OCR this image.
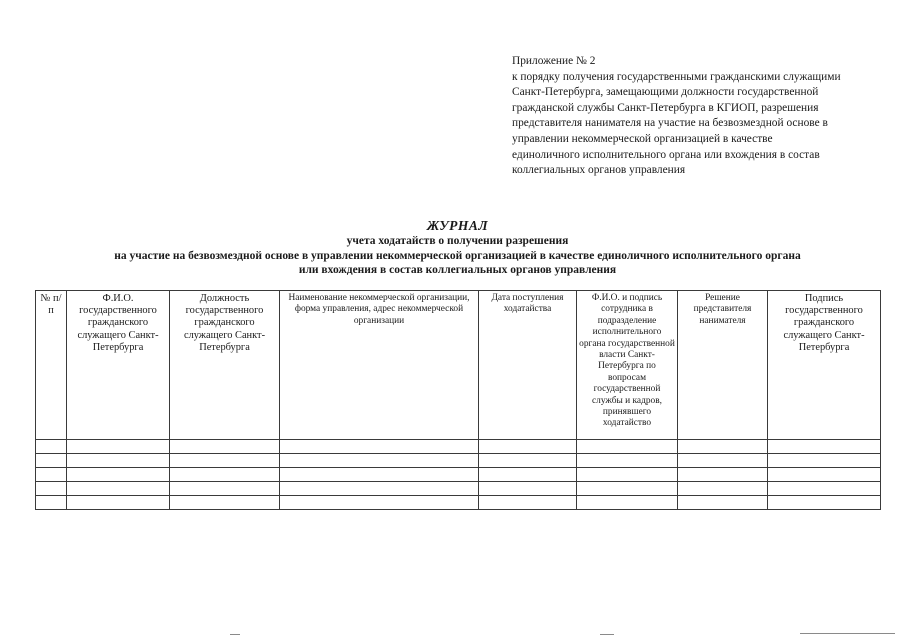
Приложение № 2
к порядку получения государственными гражданскими служащими Санкт-Петербурга, замещающими должности государственной гражданской службы Санкт-Петербурга в КГИОП, разрешения представителя нанимателя на участие на безвозмездной основе в управлении некоммерческой организацией в качестве единоличного исполнительного органа или вхождения в состав коллегиальных органов управления
ЖУРНАЛ
учета ходатайств о получении разрешения
на участие на безвозмездной основе в управлении некоммерческой организацией в качестве единоличного исполнительного органа
или вхождения в состав коллегиальных органов управления
№ п/п	Ф.И.О. государственного гражданского служащего Санкт-Петербурга	Должность государственного гражданского служащего Санкт-Петербурга	Наименование некоммерческой организации, форма управления, адрес некоммерческой организации	Дата поступления ходатайства	Ф.И.О. и подпись сотрудника в подразделение исполнительного органа государственной власти Санкт-Петербурга по вопросам государственной службы и кадров, принявшего ходатайство	Решение представителя нанимателя	Подпись государственного гражданского служащего Санкт-Петербурга
